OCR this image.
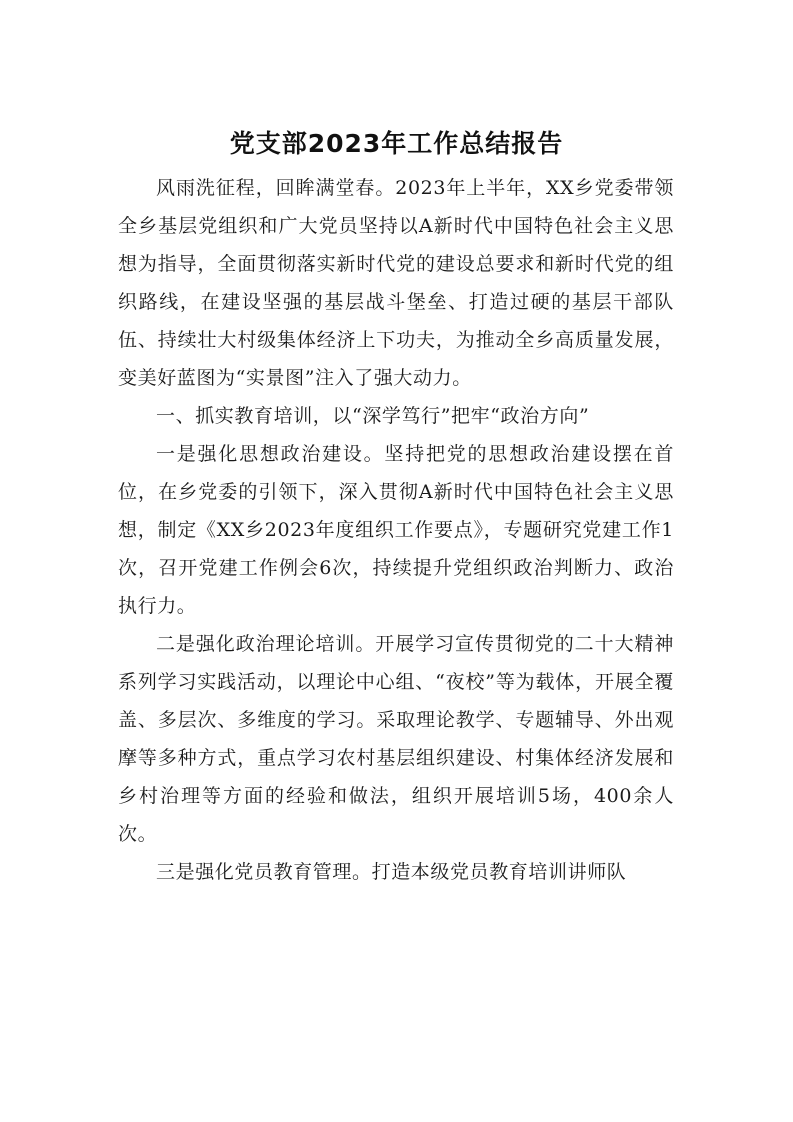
党支部2023年工作总结报告

风雨洗征程，回眸满堂春。2023年上半年，XX乡党委带领全乡基层党组织和广大党员坚持以A新时代中国特色社会主义思想为指导，全面贯彻落实新时代党的建设总要求和新时代党的组织路线，在建设坚强的基层战斗堡垒、打造过硬的基层干部队伍、持续壮大村级集体经济上下功夫，为推动全乡高质量发展，变美好蓝图为“实景图”注入了强大动力。

一、抓实教育培训，以“深学笃行”把牢“政治方向”

一是强化思想政治建设。坚持把党的思想政治建设摆在首位，在乡党委的引领下，深入贯彻A新时代中国特色社会主义思想，制定《XX乡2023年度组织工作要点》，专题研究党建工作1次，召开党建工作例会6次，持续提升党组织政治判断力、政治执行力。

二是强化政治理论培训。开展学习宣传贯彻党的二十大精神系列学习实践活动，以理论中心组、“夜校”等为载体，开展全覆盖、多层次、多维度的学习。采取理论教学、专题辅导、外出观摩等多种方式，重点学习农村基层组织建设、村集体经济发展和乡村治理等方面的经验和做法，组织开展培训5场，400余人次。

三是强化党员教育管理。打造本级党员教育培训讲师队
